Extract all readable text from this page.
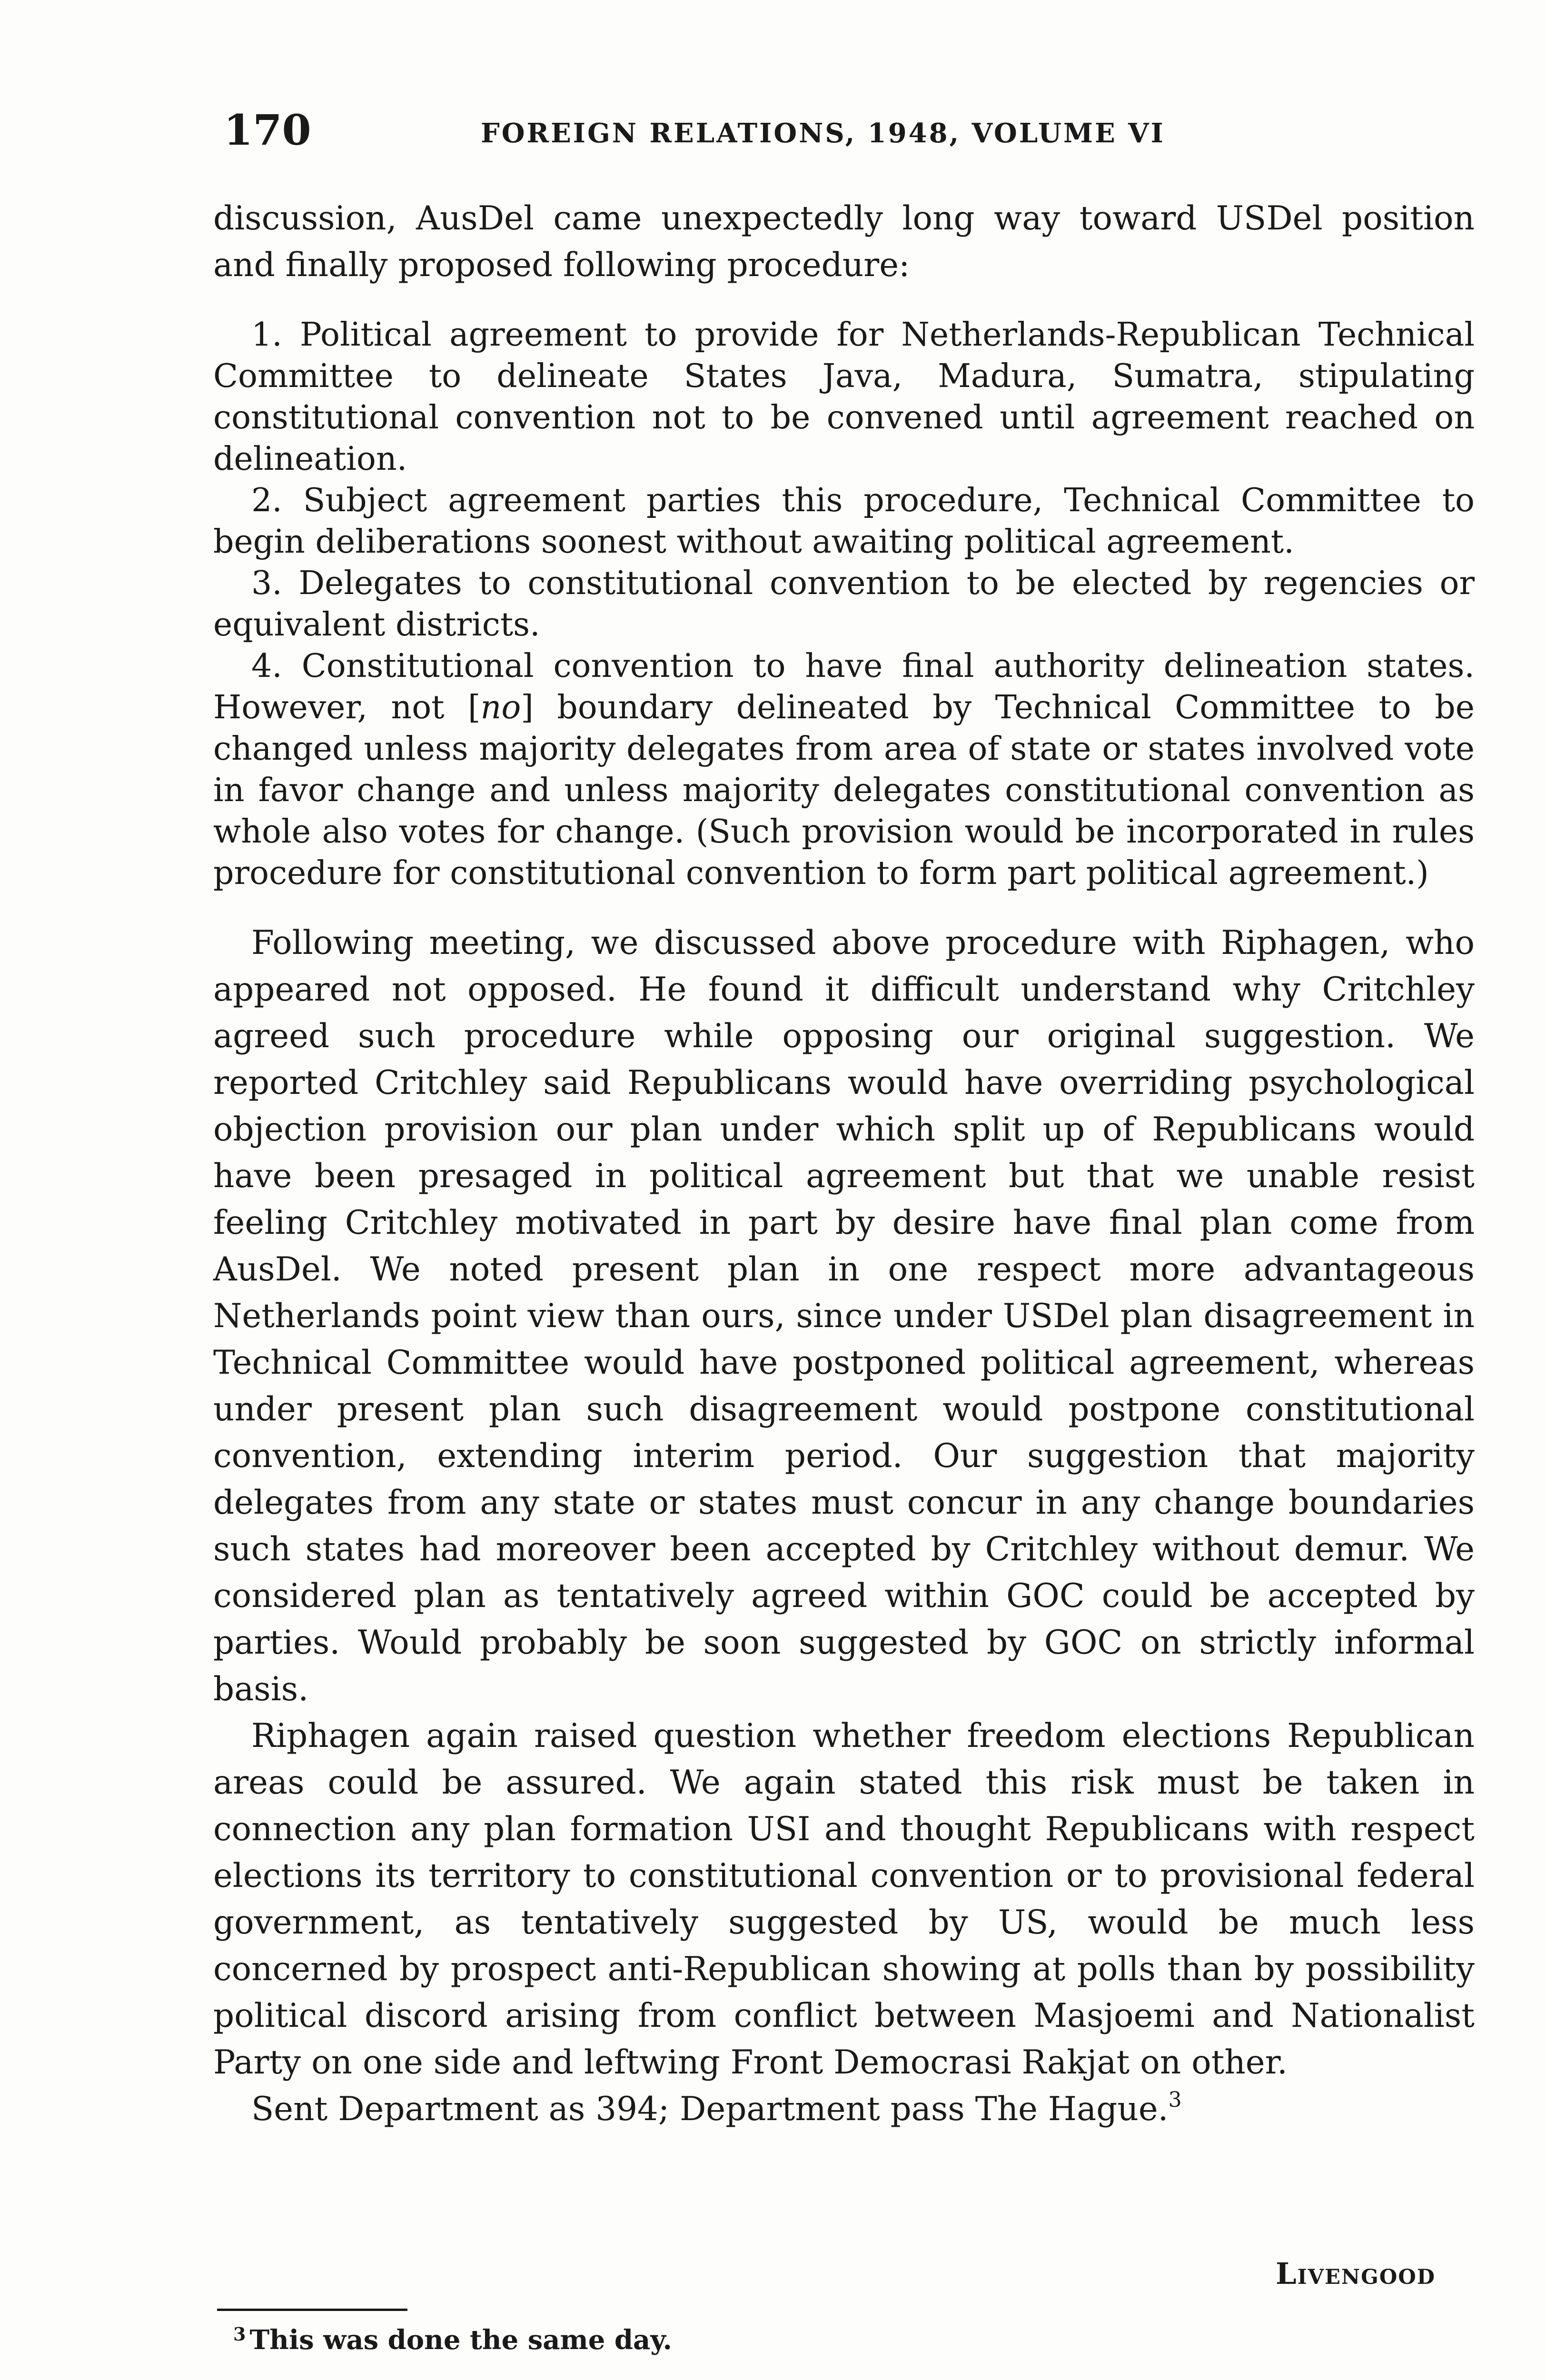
170	FOREIGN RELATIONS, 1948, VOLUME VI

discussion, AusDel came unexpectedly long way toward USDel position and finally proposed following procedure:

1. Political agreement to provide for Netherlands-Republican Technical Committee to delineate States Java, Madura, Sumatra, stipulating constitutional convention not to be convened until agreement reached on delineation.

2. Subject agreement parties this procedure, Technical Committee to begin deliberations soonest without awaiting political agreement.

3. Delegates to constitutional convention to be elected by regencies or equivalent districts.

4. Constitutional convention to have final authority delineation states. However, not [no] boundary delineated by Technical Committee to be changed unless majority delegates from area of state or states involved vote in favor change and unless majority delegates constitutional convention as whole also votes for change. (Such provision would be incorporated in rules procedure for constitutional convention to form part political agreement.)

Following meeting, we discussed above procedure with Riphagen, who appeared not opposed. He found it difficult understand why Critchley agreed such procedure while opposing our original suggestion. We reported Critchley said Republicans would have overriding psychological objection provision our plan under which split up of Republicans would have been presaged in political agreement but that we unable resist feeling Critchley motivated in part by desire have final plan come from AusDel. We noted present plan in one respect more advantageous Netherlands point view than ours, since under USDel plan disagreement in Technical Committee would have postponed political agreement, whereas under present plan such disagreement would postpone constitutional convention, extending interim period. Our suggestion that majority delegates from any state or states must concur in any change boundaries such states had moreover been accepted by Critchley without demur. We considered plan as tentatively agreed within GOC could be accepted by parties. Would probably be soon suggested by GOC on strictly informal basis.

Riphagen again raised question whether freedom elections Republican areas could be assured. We again stated this risk must be taken in connection any plan formation USI and thought Republicans with respect elections its territory to constitutional convention or to provisional federal government, as tentatively suggested by US, would be much less concerned by prospect anti-Republican showing at polls than by possibility political discord arising from conflict between Masjoemi and Nationalist Party on one side and leftwing Front Democrasi Rakjat on other.

Sent Department as 394; Department pass The Hague.$^3$

Livengood
$^3$ This was done the same day.
